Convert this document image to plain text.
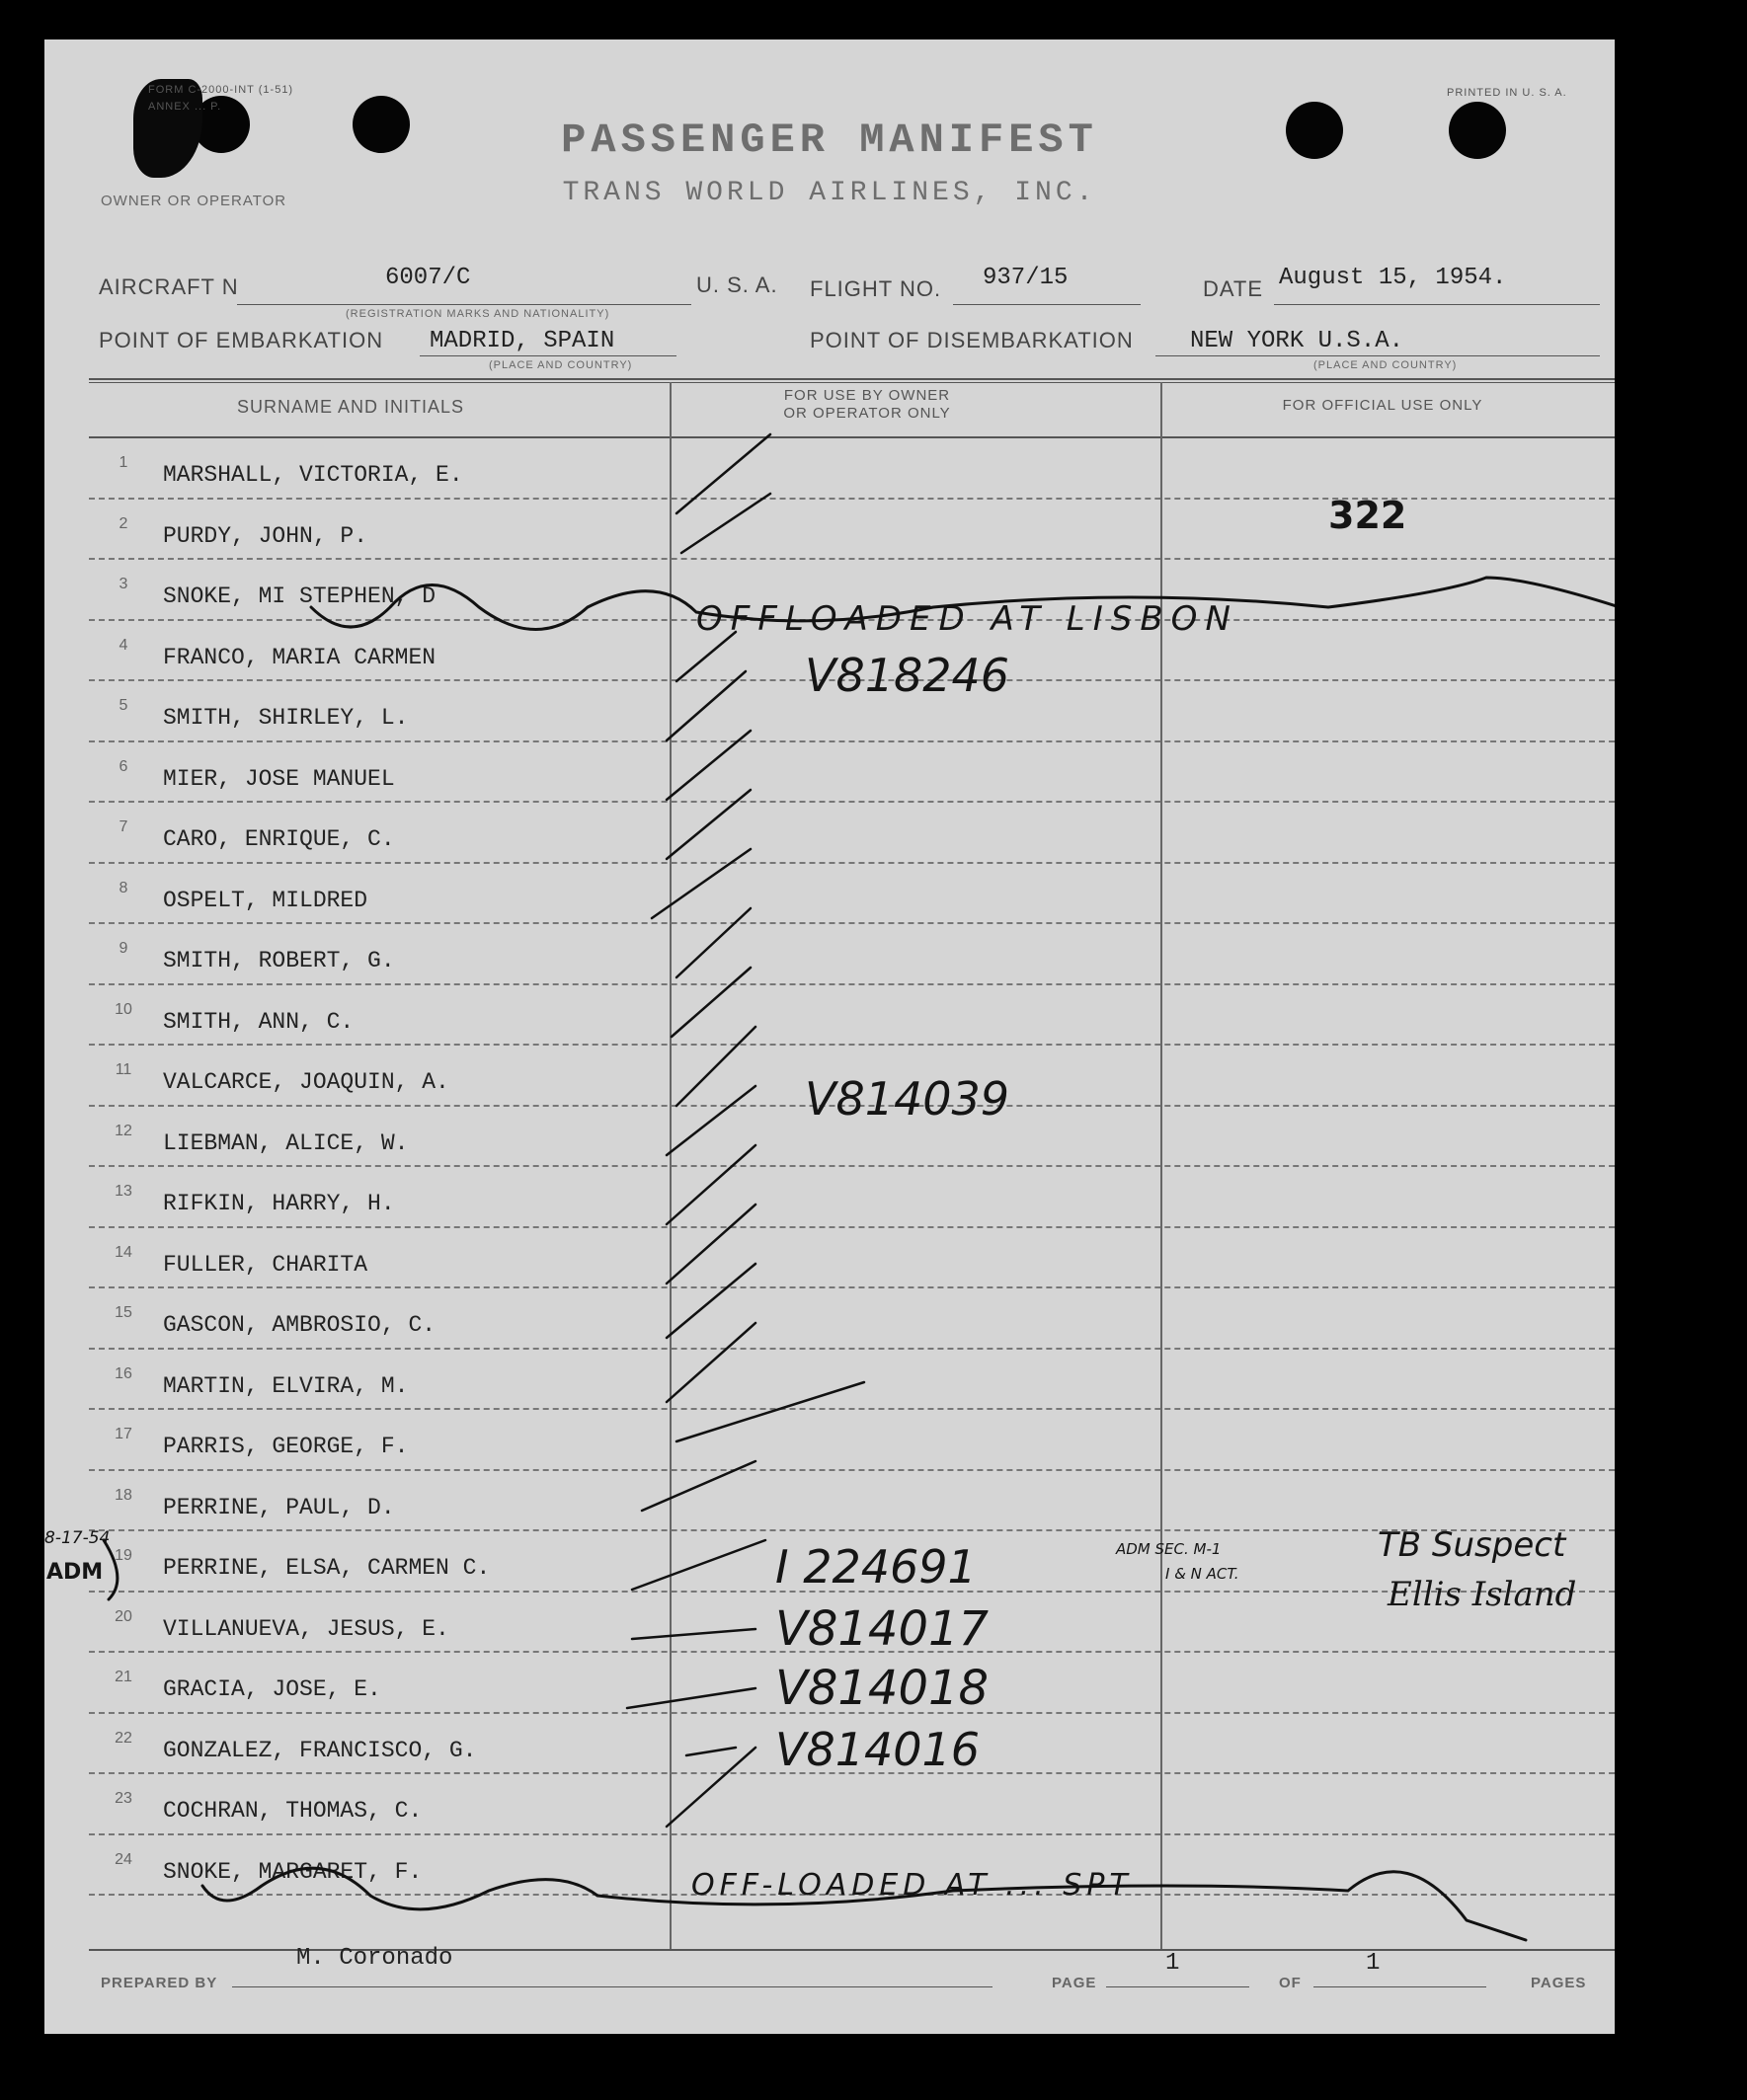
FORM C-2000-INT (1-51)
ANNEX ... P.
PRINTED IN U. S. A.
PASSENGER MANIFEST
TRANS WORLD AIRLINES, INC.
OWNER OR OPERATOR
AIRCRAFT N	6007/C
(REGISTRATION MARKS AND NATIONALITY)
U. S. A. FLIGHT NO. 937/15	DATE August 15, 1954.
POINT OF EMBARKATION MADRID, SPAIN
(PLACE AND COUNTRY)
POINT OF DISEMBARKATION NEW YORK U.S.A.
(PLACE AND COUNTRY)
SURNAME AND INITIALS
FOR USE BY OWNER
OR OPERATOR ONLY	FOR OFFICIAL USE ONLY
1	MARSHALL, VICTORIA, E.
2	PURDY, JOHN, P.
3	SNOKE, MI STEPHEN, D
4	FRANCO, MARIA CARMEN
5	SMITH, SHIRLEY, L.
6	MIER, JOSE MANUEL
7	CARO, ENRIQUE, C.
8	OSPELT, MILDRED
9	SMITH, ROBERT, G.
10	SMITH, ANN, C.
11	VALCARCE, JOAQUIN, A.
12	LIEBMAN, ALICE, W.
13	RIFKIN, HARRY, H.
14	FULLER, CHARITA
15	GASCON, AMBROSIO, C.
16	MARTIN, ELVIRA, M.
17	PARRIS, GEORGE, F.
18	PERRINE, PAUL, D.
19	PERRINE, ELSA, CARMEN C.
20	VILLANUEVA, JESUS, E.
21	GRACIA, JOSE, E.
22	GONZALEZ, FRANCISCO, G.
23	COCHRAN, THOMAS, C.
24	SNOKE, MARGARET, F.
PREPARED BY
M. Coronado
PAGE
1
OF
1
PAGES
322
OFFLOADED AT LISBON
V818246
V814039
I 224691	ADM SEC. M-1
I & N ACT.
V814017
V814018
V814016
TB Suspect
Ellis Island
8-17-54
ADM
OFF-LOADED AT ... SPT
